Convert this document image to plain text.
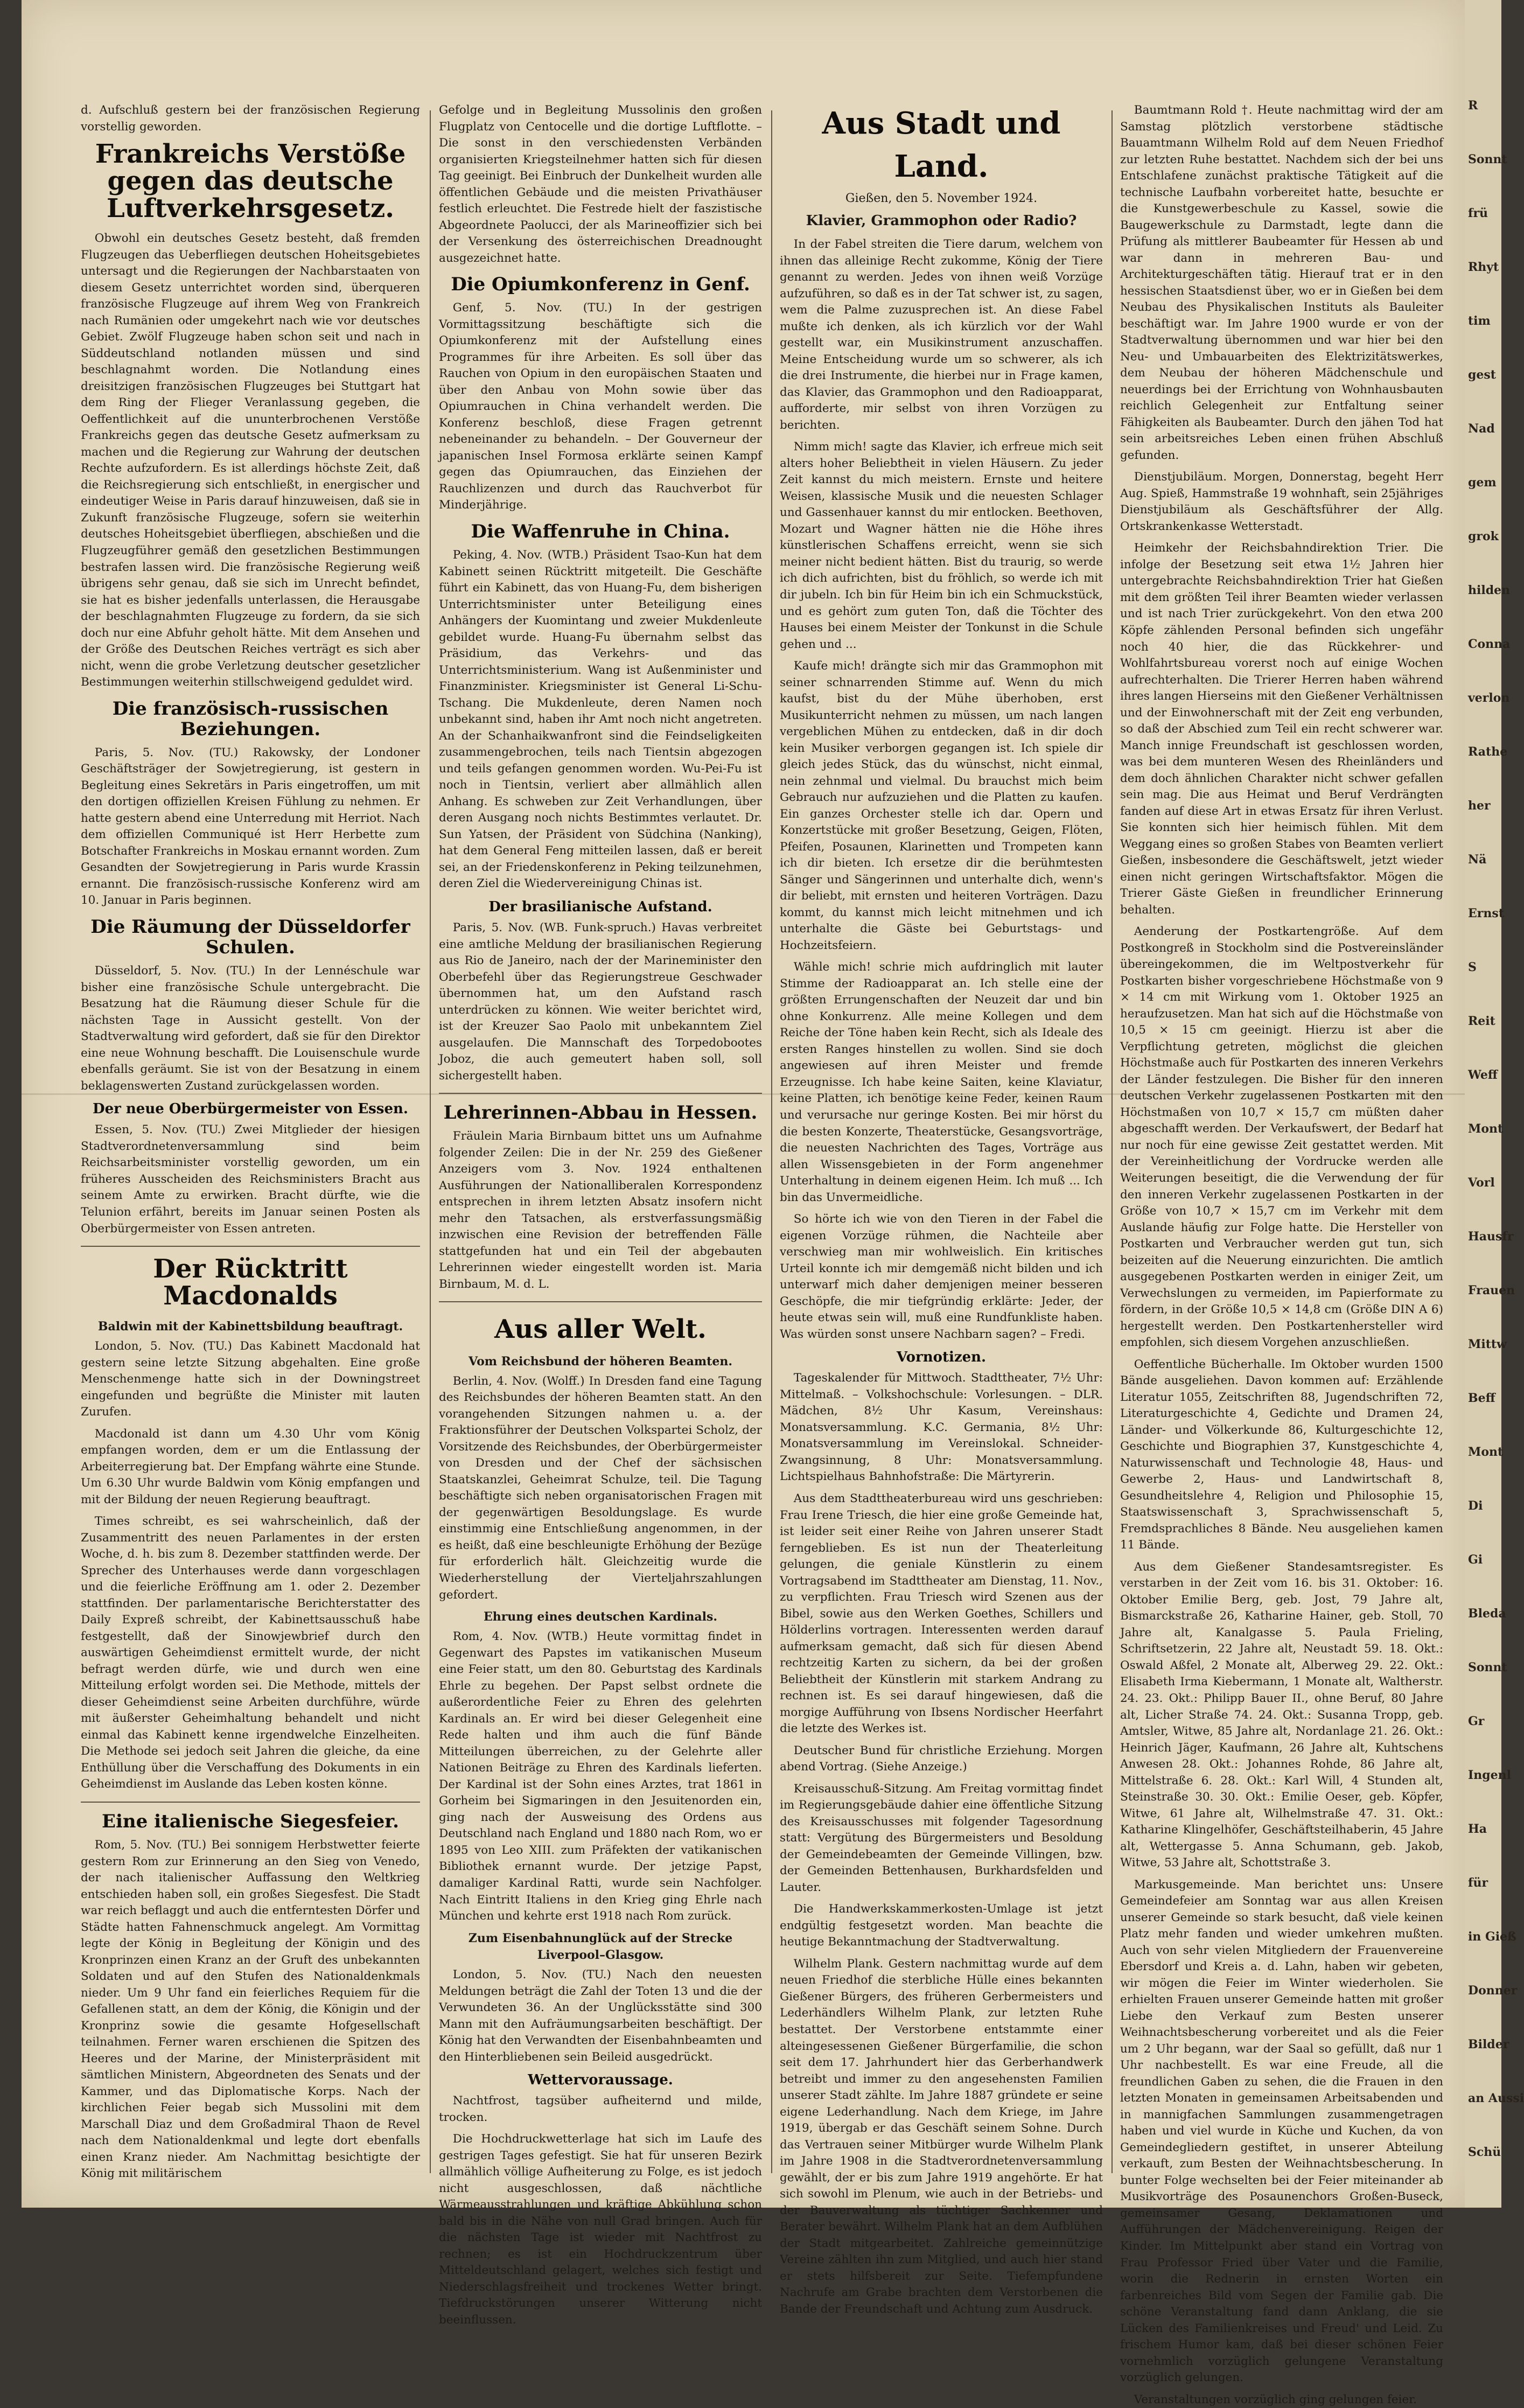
d. Aufschluß gestern bei der französischen Regierung vorstellig geworden.

Frankreichs Verstöße gegen das deutsche Luftverkehrsgesetz.

Obwohl ein deutsches Gesetz besteht, daß fremden Flugzeugen das Ueberfliegen deutschen Hoheitsgebietes untersagt und die Regierungen der Nachbarstaaten von diesem Gesetz unterrichtet worden sind, überqueren französische Flugzeuge auf ihrem Weg von Frankreich nach Rumänien oder umgekehrt nach wie vor deutsches Gebiet. Zwölf Flugzeuge haben schon seit und nach in Süddeutschland notlanden müssen und sind beschlagnahmt worden. Die Notlandung eines dreisitzigen französischen Flugzeuges bei Stuttgart hat dem Ring der Flieger Veranlassung gegeben, die Oeffentlichkeit auf die ununterbrochenen Verstöße Frankreichs gegen das deutsche Gesetz aufmerksam zu machen und die Regierung zur Wahrung der deutschen Rechte aufzufordern. Es ist allerdings höchste Zeit, daß die Reichsregierung sich entschließt, in energischer und eindeutiger Weise in Paris darauf hinzuweisen, daß sie in Zukunft französische Flugzeuge, sofern sie weiterhin deutsches Hoheitsgebiet überfliegen, abschießen und die Flugzeugführer gemäß den gesetzlichen Bestimmungen bestrafen lassen wird. Die französische Regierung weiß übrigens sehr genau, daß sie sich im Unrecht befindet, sie hat es bisher jedenfalls unterlassen, die Herausgabe der beschlagnahmten Flugzeuge zu fordern, da sie sich doch nur eine Abfuhr geholt hätte. Mit dem Ansehen und der Größe des Deutschen Reiches verträgt es sich aber nicht, wenn die grobe Verletzung deutscher gesetzlicher Bestimmungen weiterhin stillschweigend geduldet wird.

Die französisch-russischen Beziehungen.

Paris, 5. Nov. (TU.) Rakowsky, der Londoner Geschäftsträger der Sowjetregierung, ist gestern in Begleitung eines Sekretärs in Paris eingetroffen, um mit den dortigen offiziellen Kreisen Fühlung zu nehmen. Er hatte gestern abend eine Unterredung mit Herriot. Nach dem offiziellen Communiqué ist Herr Herbette zum Botschafter Frankreichs in Moskau ernannt worden. Zum Gesandten der Sowjetregierung in Paris wurde Krassin ernannt. Die französisch-russische Konferenz wird am 10. Januar in Paris beginnen.

Die Räumung der Düsseldorfer Schulen.

Düsseldorf, 5. Nov. (TU.) In der Lennéschule war bisher eine französische Schule untergebracht. Die Besatzung hat die Räumung dieser Schule für die nächsten Tage in Aussicht gestellt. Von der Stadtverwaltung wird gefordert, daß sie für den Direktor eine neue Wohnung beschafft. Die Louisenschule wurde ebenfalls geräumt. Sie ist von der Besatzung in einem beklagenswerten Zustand zurückgelassen worden.

Der neue Oberbürgermeister von Essen.

Essen, 5. Nov. (TU.) Zwei Mitglieder der hiesigen Stadtverordnetenversammlung sind beim Reichsarbeitsminister vorstellig geworden, um ein früheres Ausscheiden des Reichsministers Bracht aus seinem Amte zu erwirken. Bracht dürfte, wie die Telunion erfährt, bereits im Januar seinen Posten als Oberbürgermeister von Essen antreten.

Der Rücktritt Macdonalds
Baldwin mit der Kabinettsbildung beauftragt.

London, 5. Nov. (TU.) Das Kabinett Macdonald hat gestern seine letzte Sitzung abgehalten. Eine große Menschenmenge hatte sich in der Downingstreet eingefunden und begrüßte die Minister mit lauten Zurufen.

Macdonald ist dann um 4.30 Uhr vom König empfangen worden, dem er um die Entlassung der Arbeiterregierung bat. Der Empfang währte eine Stunde. Um 6.30 Uhr wurde Baldwin vom König empfangen und mit der Bildung der neuen Regierung beauftragt.

Times schreibt, es sei wahrscheinlich, daß der Zusammentritt des neuen Parlamentes in der ersten Woche, d. h. bis zum 8. Dezember stattfinden werde. Der Sprecher des Unterhauses werde dann vorgeschlagen und die feierliche Eröffnung am 1. oder 2. Dezember stattfinden. Der parlamentarische Berichterstatter des Daily Expreß schreibt, der Kabinettsausschuß habe festgestellt, daß der Sinowjewbrief durch den auswärtigen Geheimdienst ermittelt wurde, der nicht befragt werden dürfe, wie und durch wen eine Mitteilung erfolgt worden sei. Die Methode, mittels der dieser Geheimdienst seine Arbeiten durchführe, würde mit äußerster Geheimhaltung behandelt und nicht einmal das Kabinett kenne irgendwelche Einzelheiten. Die Methode sei jedoch seit Jahren die gleiche, da eine Enthüllung über die Verschaffung des Dokuments in ein Geheimdienst im Auslande das Leben kosten könne.

Eine italienische Siegesfeier.

Rom, 5. Nov. (TU.) Bei sonnigem Herbstwetter feierte gestern Rom zur Erinnerung an den Sieg von Venedo, der nach italienischer Auffassung den Weltkrieg entschieden haben soll, ein großes Siegesfest. Die Stadt war reich beflaggt und auch die entferntesten Dörfer und Städte hatten Fahnenschmuck angelegt. Am Vormittag legte der König in Begleitung der Königin und des Kronprinzen einen Kranz an der Gruft des unbekannten Soldaten und auf den Stufen des Nationaldenkmals nieder. Um 9 Uhr fand ein feierliches Requiem für die Gefallenen statt, an dem der König, die Königin und der Kronprinz sowie die gesamte Hofgesellschaft teilnahmen. Ferner waren erschienen die Spitzen des Heeres und der Marine, der Ministerpräsident mit sämtlichen Ministern, Abgeordneten des Senats und der Kammer, und das Diplomatische Korps. Nach der kirchlichen Feier begab sich Mussolini mit dem Marschall Diaz und dem Großadmiral Thaon de Revel nach dem Nationaldenkmal und legte dort ebenfalls einen Kranz nieder. Am Nachmittag besichtigte der König mit militärischem

Gefolge und in Begleitung Mussolinis den großen Flugplatz von Centocelle und die dortige Luftflotte. – Die sonst in den verschiedensten Verbänden organisierten Kriegsteilnehmer hatten sich für diesen Tag geeinigt. Bei Einbruch der Dunkelheit wurden alle öffentlichen Gebäude und die meisten Privathäuser festlich erleuchtet. Die Festrede hielt der faszistische Abgeordnete Paolucci, der als Marineoffizier sich bei der Versenkung des österreichischen Dreadnought ausgezeichnet hatte.

Die Opiumkonferenz in Genf.

Genf, 5. Nov. (TU.) In der gestrigen Vormittagssitzung beschäftigte sich die Opiumkonferenz mit der Aufstellung eines Programmes für ihre Arbeiten. Es soll über das Rauchen von Opium in den europäischen Staaten und über den Anbau von Mohn sowie über das Opiumrauchen in China verhandelt werden. Die Konferenz beschloß, diese Fragen getrennt nebeneinander zu behandeln. – Der Gouverneur der japanischen Insel Formosa erklärte seinen Kampf gegen das Opiumrauchen, das Einziehen der Rauchlizenzen und durch das Rauchverbot für Minderjährige.

Die Waffenruhe in China.

Peking, 4. Nov. (WTB.) Präsident Tsao-Kun hat dem Kabinett seinen Rücktritt mitgeteilt. Die Geschäfte führt ein Kabinett, das von Huang-Fu, dem bisherigen Unterrichtsminister unter Beteiligung eines Anhängers der Kuomintang und zweier Mukdenleute gebildet wurde. Huang-Fu übernahm selbst das Präsidium, das Verkehrs- und das Unterrichtsministerium. Wang ist Außenminister und Finanzminister. Kriegsminister ist General Li-Schu-Tschang. Die Mukdenleute, deren Namen noch unbekannt sind, haben ihr Amt noch nicht angetreten. An der Schanhaikwanfront sind die Feindseligkeiten zusammengebrochen, teils nach Tientsin abgezogen und teils gefangen genommen worden. Wu-Pei-Fu ist noch in Tientsin, verliert aber allmählich allen Anhang. Es schweben zur Zeit Verhandlungen, über deren Ausgang noch nichts Bestimmtes verlautet. Dr. Sun Yatsen, der Präsident von Südchina (Nanking), hat dem General Feng mitteilen lassen, daß er bereit sei, an der Friedenskonferenz in Peking teilzunehmen, deren Ziel die Wiedervereinigung Chinas ist.

Der brasilianische Aufstand.

Paris, 5. Nov. (WB. Funk-spruch.) Havas verbreitet eine amtliche Meldung der brasilianischen Regierung aus Rio de Janeiro, nach der der Marineminister den Oberbefehl über das Regierungstreue Geschwader übernommen hat, um den Aufstand rasch unterdrücken zu können. Wie weiter berichtet wird, ist der Kreuzer Sao Paolo mit unbekanntem Ziel ausgelaufen. Die Mannschaft des Torpedobootes Joboz, die auch gemeutert haben soll, soll sichergestellt haben.

Lehrerinnen-Abbau in Hessen.

Fräulein Maria Birnbaum bittet uns um Aufnahme folgender Zeilen: Die in der Nr. 259 des Gießener Anzeigers vom 3. Nov. 1924 enthaltenen Ausführungen der Nationalliberalen Korrespondenz entsprechen in ihrem letzten Absatz insofern nicht mehr den Tatsachen, als erstverfassungsmäßig inzwischen eine Revision der betreffenden Fälle stattgefunden hat und ein Teil der abgebauten Lehrerinnen wieder eingestellt worden ist. Maria Birnbaum, M. d. L.

Aus aller Welt.
Vom Reichsbund der höheren Beamten.

Berlin, 4. Nov. (Wolff.) In Dresden fand eine Tagung des Reichsbundes der höheren Beamten statt. An den vorangehenden Sitzungen nahmen u. a. der Fraktionsführer der Deutschen Volkspartei Scholz, der Vorsitzende des Reichsbundes, der Oberbürgermeister von Dresden und der Chef der sächsischen Staatskanzlei, Geheimrat Schulze, teil. Die Tagung beschäftigte sich neben organisatorischen Fragen mit der gegenwärtigen Besoldungslage. Es wurde einstimmig eine Entschließung angenommen, in der es heißt, daß eine beschleunigte Erhöhung der Bezüge für erforderlich hält. Gleichzeitig wurde die Wiederherstellung der Vierteljahrszahlungen gefordert.

Ehrung eines deutschen Kardinals.

Rom, 4. Nov. (WTB.) Heute vormittag findet in Gegenwart des Papstes im vatikanischen Museum eine Feier statt, um den 80. Geburtstag des Kardinals Ehrle zu begehen. Der Papst selbst ordnete die außerordentliche Feier zu Ehren des gelehrten Kardinals an. Er wird bei dieser Gelegenheit eine Rede halten und ihm auch die fünf Bände Mitteilungen überreichen, zu der Gelehrte aller Nationen Beiträge zu Ehren des Kardinals lieferten. Der Kardinal ist der Sohn eines Arztes, trat 1861 in Gorheim bei Sigmaringen in den Jesuitenorden ein, ging nach der Ausweisung des Ordens aus Deutschland nach England und 1880 nach Rom, wo er 1895 von Leo XIII. zum Präfekten der vatikanischen Bibliothek ernannt wurde. Der jetzige Papst, damaliger Kardinal Ratti, wurde sein Nachfolger. Nach Eintritt Italiens in den Krieg ging Ehrle nach München und kehrte erst 1918 nach Rom zurück.

Zum Eisenbahnunglück auf der Strecke Liverpool–Glasgow.

London, 5. Nov. (TU.) Nach den neuesten Meldungen beträgt die Zahl der Toten 13 und die der Verwundeten 36. An der Unglücksstätte sind 300 Mann mit den Aufräumungsarbeiten beschäftigt. Der König hat den Verwandten der Eisenbahnbeamten und den Hinterbliebenen sein Beileid ausgedrückt.

Wettervoraussage.

Nachtfrost, tagsüber aufheiternd und milde, trocken.

Die Hochdruckwetterlage hat sich im Laufe des gestrigen Tages gefestigt. Sie hat für unseren Bezirk allmählich völlige Aufheiterung zu Folge, es ist jedoch nicht ausgeschlossen, daß nächtliche Wärmeausstrahlungen und kräftige Abkühlung schon bald bis in die Nähe von null Grad bringen. Auch für die nächsten Tage ist wieder mit Nachtfrost zu rechnen; es ist ein Hochdruckzentrum über Mitteldeutschland gelagert, welches sich festigt und Niederschlagsfreiheit und trockenes Wetter bringt. Tiefdruckstörungen unserer Witterung nicht beeinflussen.

Aus Stadt und Land.
Gießen, den 5. November 1924.
Klavier, Grammophon oder Radio?

In der Fabel streiten die Tiere darum, welchem von ihnen das alleinige Recht zukomme, König der Tiere genannt zu werden. Jedes von ihnen weiß Vorzüge aufzuführen, so daß es in der Tat schwer ist, zu sagen, wem die Palme zuzusprechen ist. An diese Fabel mußte ich denken, als ich kürzlich vor der Wahl gestellt war, ein Musikinstrument anzuschaffen. Meine Entscheidung wurde um so schwerer, als ich die drei Instrumente, die hierbei nur in Frage kamen, das Klavier, das Grammophon und den Radioapparat, aufforderte, mir selbst von ihren Vorzügen zu berichten.

Nimm mich! sagte das Klavier, ich erfreue mich seit alters hoher Beliebtheit in vielen Häusern. Zu jeder Zeit kannst du mich meistern. Ernste und heitere Weisen, klassische Musik und die neuesten Schlager und Gassenhauer kannst du mir entlocken. Beethoven, Mozart und Wagner hätten nie die Höhe ihres künstlerischen Schaffens erreicht, wenn sie sich meiner nicht bedient hätten. Bist du traurig, so werde ich dich aufrichten, bist du fröhlich, so werde ich mit dir jubeln. Ich bin für Heim bin ich ein Schmuckstück, und es gehört zum guten Ton, daß die Töchter des Hauses bei einem Meister der Tonkunst in die Schule gehen und ...

Kaufe mich! drängte sich mir das Grammophon mit seiner schnarrenden Stimme auf. Wenn du mich kaufst, bist du der Mühe überhoben, erst Musikunterricht nehmen zu müssen, um nach langen vergeblichen Mühen zu entdecken, daß in dir doch kein Musiker verborgen gegangen ist. Ich spiele dir gleich jedes Stück, das du wünschst, nicht einmal, nein zehnmal und vielmal. Du brauchst mich beim Gebrauch nur aufzuziehen und die Platten zu kaufen. Ein ganzes Orchester stelle ich dar. Opern und Konzertstücke mit großer Besetzung, Geigen, Flöten, Pfeifen, Posaunen, Klarinetten und Trompeten kann ich dir bieten. Ich ersetze dir die berühmtesten Sänger und Sängerinnen und unterhalte dich, wenn's dir beliebt, mit ernsten und heiteren Vorträgen. Dazu kommt, du kannst mich leicht mitnehmen und ich unterhalte die Gäste bei Geburtstags- und Hochzeitsfeiern.

Wähle mich! schrie mich aufdringlich mit lauter Stimme der Radioapparat an. Ich stelle eine der größten Errungenschaften der Neuzeit dar und bin ohne Konkurrenz. Alle meine Kollegen und dem Reiche der Töne haben kein Recht, sich als Ideale des ersten Ranges hinstellen zu wollen. Sind sie doch angewiesen auf ihren Meister und fremde Erzeugnisse. Ich habe keine Saiten, keine Klaviatur, keine Platten, ich benötige keine Feder, keinen Raum und verursache nur geringe Kosten. Bei mir hörst du die besten Konzerte, Theaterstücke, Gesangsvorträge, die neuesten Nachrichten des Tages, Vorträge aus allen Wissensgebieten in der Form angenehmer Unterhaltung in deinem eigenen Heim. Ich muß ... Ich bin das Unvermeidliche.

So hörte ich wie von den Tieren in der Fabel die eigenen Vorzüge rühmen, die Nachteile aber verschwieg man mir wohlweislich. Ein kritisches Urteil konnte ich mir demgemäß nicht bilden und ich unterwarf mich daher demjenigen meiner besseren Geschöpfe, die mir tiefgründig erklärte: Jeder, der heute etwas sein will, muß eine Rundfunkliste haben. Was würden sonst unsere Nachbarn sagen? – Fredi.

Vornotizen.

Tageskalender für Mittwoch. Stadttheater, 7½ Uhr: Mittelmaß. – Volkshochschule: Vorlesungen. – DLR. Mädchen, 8½ Uhr Kasum, Vereinshaus: Monatsversammlung. K.C. Germania, 8½ Uhr: Monatsversammlung im Vereinslokal. Schneider-Zwangsinnung, 8 Uhr: Monatsversammlung. Lichtspielhaus Bahnhofstraße: Die Märtyrerin.

Aus dem Stadttheaterbureau wird uns geschrieben: Frau Irene Triesch, die hier eine große Gemeinde hat, ist leider seit einer Reihe von Jahren unserer Stadt ferngeblieben. Es ist nun der Theaterleitung gelungen, die geniale Künstlerin zu einem Vortragsabend im Stadttheater am Dienstag, 11. Nov., zu verpflichten. Frau Triesch wird Szenen aus der Bibel, sowie aus den Werken Goethes, Schillers und Hölderlins vortragen. Interessenten werden darauf aufmerksam gemacht, daß sich für diesen Abend rechtzeitig Karten zu sichern, da bei der großen Beliebtheit der Künstlerin mit starkem Andrang zu rechnen ist. Es sei darauf hingewiesen, daß die morgige Aufführung von Ibsens Nordischer Heerfahrt die letzte des Werkes ist.

Deutscher Bund für christliche Erziehung. Morgen abend Vortrag. (Siehe Anzeige.)

Kreisausschuß-Sitzung. Am Freitag vormittag findet im Regierungsgebäude dahier eine öffentliche Sitzung des Kreisausschusses mit folgender Tagesordnung statt: Vergütung des Bürgermeisters und Besoldung der Gemeindebeamten der Gemeinde Villingen, bzw. der Gemeinden Bettenhausen, Burkhardsfelden und Lauter.

Die Handwerkskammerkosten-Umlage ist jetzt endgültig festgesetzt worden. Man beachte die heutige Bekanntmachung der Stadtverwaltung.

Wilhelm Plank. Gestern nachmittag wurde auf dem neuen Friedhof die sterbliche Hülle eines bekannten Gießener Bürgers, des früheren Gerbermeisters und Lederhändlers Wilhelm Plank, zur letzten Ruhe bestattet. Der Verstorbene entstammte einer alteingesessenen Gießener Bürgerfamilie, die schon seit dem 17. Jahrhundert hier das Gerberhandwerk betreibt und immer zu den angesehensten Familien unserer Stadt zählte. Im Jahre 1887 gründete er seine eigene Lederhandlung. Nach dem Kriege, im Jahre 1919, übergab er das Geschäft seinem Sohne. Durch das Vertrauen seiner Mitbürger wurde Wilhelm Plank im Jahre 1908 in die Stadtverordnetenversammlung gewählt, der er bis zum Jahre 1919 angehörte. Er hat sich sowohl im Plenum, wie auch in der Betriebs- und der Bauverwaltung als tüchtiger Sachkenner und Berater bewährt. Wilhelm Plank hat an dem Aufblühen der Stadt mitgearbeitet. Zahlreiche gemeinnützige Vereine zählten ihn zum Mitglied, und auch hier stand er stets hilfsbereit zur Seite. Tiefempfundene Nachrufe am Grabe brachten dem Verstorbenen die Bande der Freundschaft und Achtung zum Ausdruck.

Baumtmann Rold †. Heute nachmittag wird der am Samstag plötzlich verstorbene städtische Bauamtmann Wilhelm Rold auf dem Neuen Friedhof zur letzten Ruhe bestattet. Nachdem sich der bei uns Entschlafene zunächst praktische Tätigkeit auf die technische Laufbahn vorbereitet hatte, besuchte er die Kunstgewerbeschule zu Kassel, sowie die Baugewerkschule zu Darmstadt, legte dann die Prüfung als mittlerer Baubeamter für Hessen ab und war dann in mehreren Bau- und Architekturgeschäften tätig. Hierauf trat er in den hessischen Staatsdienst über, wo er in Gießen bei dem Neubau des Physikalischen Instituts als Bauleiter beschäftigt war. Im Jahre 1900 wurde er von der Stadtverwaltung übernommen und war hier bei den Neu- und Umbauarbeiten des Elektrizitätswerkes, dem Neubau der höheren Mädchenschule und neuerdings bei der Errichtung von Wohnhausbauten reichlich Gelegenheit zur Entfaltung seiner Fähigkeiten als Baubeamter. Durch den jähen Tod hat sein arbeitsreiches Leben einen frühen Abschluß gefunden.

Dienstjubiläum. Morgen, Donnerstag, begeht Herr Aug. Spieß, Hammstraße 19 wohnhaft, sein 25jähriges Dienstjubiläum als Geschäftsführer der Allg. Ortskrankenkasse Wetterstadt.

Heimkehr der Reichsbahndirektion Trier. Die infolge der Besetzung seit etwa 1½ Jahren hier untergebrachte Reichsbahndirektion Trier hat Gießen mit dem größten Teil ihrer Beamten wieder verlassen und ist nach Trier zurückgekehrt. Von den etwa 200 Köpfe zählenden Personal befinden sich ungefähr noch 40 hier, die das Rückkehrer- und Wohlfahrtsbureau vorerst noch auf einige Wochen aufrechterhalten. Die Trierer Herren haben während ihres langen Hierseins mit den Gießener Verhältnissen und der Einwohnerschaft mit der Zeit eng verbunden, so daß der Abschied zum Teil ein recht schwerer war. Manch innige Freundschaft ist geschlossen worden, was bei dem munteren Wesen des Rheinländers und dem doch ähnlichen Charakter nicht schwer gefallen sein mag. Die aus Heimat und Beruf Verdrängten fanden auf diese Art in etwas Ersatz für ihren Verlust. Sie konnten sich hier heimisch fühlen. Mit dem Weggang eines so großen Stabes von Beamten verliert Gießen, insbesondere die Geschäftswelt, jetzt wieder einen nicht geringen Wirtschaftsfaktor. Mögen die Trierer Gäste Gießen in freundlicher Erinnerung behalten.

Aenderung der Postkartengröße. Auf dem Postkongreß in Stockholm sind die Postvereinsländer übereingekommen, die im Weltpostverkehr für Postkarten bisher vorgeschriebene Höchstmaße von 9 × 14 cm mit Wirkung vom 1. Oktober 1925 an heraufzusetzen. Man hat sich auf die Höchstmaße von 10,5 × 15 cm geeinigt. Hierzu ist aber die Verpflichtung getreten, möglichst die gleichen Höchstmaße auch für Postkarten des inneren Verkehrs der Länder festzulegen. Die Bisher für den inneren deutschen Verkehr zugelassenen Postkarten mit den Höchstmaßen von 10,7 × 15,7 cm müßten daher abgeschafft werden. Der Verkaufswert, der Bedarf hat nur noch für eine gewisse Zeit gestattet werden. Mit der Vereinheitlichung der Vordrucke werden alle Weiterungen beseitigt, die die Verwendung der für den inneren Verkehr zugelassenen Postkarten in der Größe von 10,7 × 15,7 cm im Verkehr mit dem Auslande häufig zur Folge hatte. Die Hersteller von Postkarten und Verbraucher werden gut tun, sich beizeiten auf die Neuerung einzurichten. Die amtlich ausgegebenen Postkarten werden in einiger Zeit, um Verwechslungen zu vermeiden, im Papierformate zu fördern, in der Größe 10,5 × 14,8 cm (Größe DIN A 6) hergestellt werden. Den Postkartenhersteller wird empfohlen, sich diesem Vorgehen anzuschließen.

Oeffentliche Bücherhalle. Im Oktober wurden 1500 Bände ausgeliehen. Davon kommen auf: Erzählende Literatur 1055, Zeitschriften 88, Jugendschriften 72, Literaturgeschichte 4, Gedichte und Dramen 24, Länder- und Völkerkunde 86, Kulturgeschichte 12, Geschichte und Biographien 37, Kunstgeschichte 4, Naturwissenschaft und Technologie 48, Haus- und Gewerbe 2, Haus- und Landwirtschaft 8, Gesundheitslehre 4, Religion und Philosophie 15, Staatswissenschaft 3, Sprachwissenschaft 5, Fremdsprachliches 8 Bände. Neu ausgeliehen kamen 11 Bände.

Aus dem Gießener Standesamtsregister. Es verstarben in der Zeit vom 16. bis 31. Oktober: 16. Oktober Emilie Berg, geb. Jost, 79 Jahre alt, Bismarckstraße 26, Katharine Hainer, geb. Stoll, 70 Jahre alt, Kanalgasse 5. Paula Frieling, Schriftsetzerin, 22 Jahre alt, Neustadt 59. 18. Okt.: Oswald Aßfel, 2 Monate alt, Alberweg 29. 22. Okt.: Elisabeth Irma Kiebermann, 1 Monate alt, Waltherstr. 24. 23. Okt.: Philipp Bauer II., ohne Beruf, 80 Jahre alt, Licher Straße 74. 24. Okt.: Susanna Tropp, geb. Amtsler, Witwe, 85 Jahre alt, Nordanlage 21. 26. Okt.: Heinrich Jäger, Kaufmann, 26 Jahre alt, Kuhtschens Anwesen 28. Okt.: Johannes Rohde, 86 Jahre alt, Mittelstraße 6. 28. Okt.: Karl Will, 4 Stunden alt, Steinstraße 30. 30. Okt.: Emilie Oeser, geb. Köpfer, Witwe, 61 Jahre alt, Wilhelmstraße 47. 31. Okt.: Katharine Klingelhöfer, Geschäftsteilhaberin, 45 Jahre alt, Wettergasse 5. Anna Schumann, geb. Jakob, Witwe, 53 Jahre alt, Schottstraße 3.

Markusgemeinde. Man berichtet uns: Unsere Gemeindefeier am Sonntag war aus allen Kreisen unserer Gemeinde so stark besucht, daß viele keinen Platz mehr fanden und wieder umkehren mußten. Auch von sehr vielen Mitgliedern der Frauenvereine Ebersdorf und Kreis a. d. Lahn, haben wir gebeten, wir mögen die Feier im Winter wiederholen. Sie erhielten Frauen unserer Gemeinde hatten mit großer Liebe den Verkauf zum Besten unserer Weihnachtsbescherung vorbereitet und als die Feier um 2 Uhr begann, war der Saal so gefüllt, daß nur 1 Uhr nachbestellt. Es war eine Freude, all die freundlichen Gaben zu sehen, die die Frauen in den letzten Monaten in gemeinsamen Arbeitsabenden und in mannigfachen Sammlungen zusammengetragen haben und viel wurde in Küche und Kuchen, da von Gemeindegliedern gestiftet, in unserer Abteilung verkauft, zum Besten der Weihnachtsbescherung. In bunter Folge wechselten bei der Feier miteinander ab Musikvorträge des Posaunenchors Großen-Buseck, gemeinsamer Gesang, Deklamationen und Aufführungen der Mädchenvereinigung. Reigen der Kinder. Im Mittelpunkt aber stand ein Vortrag von Frau Professor Fried über Vater und die Familie, worin die Rednerin in ernsten Worten ein farbenreiches Bild vom Segen der Familie gab. Die schöne Veranstaltung fand dann Anklang, die sie Lücken des Familienkreises und Freud' und Leid. Zu frischem Humor kam, daß bei dieser schönen Feier vornehmlich vorzüglich gelungene Veranstaltung vorzüglich gelungen.

Veranstaltungen vorzüglich ging gelungen feier.

R
Sonnt
frü
Rhyt
tim
gest
Nad
gem
grok
hilden
Conna
verlon
Rathe
her
Nä
Ernst
S
Reit
Weff
Mont
Vorl
Hausfr
Frauen
Mittw
Beff
Mont
Di
Gi
Bleda
Sonnt
Gr
Ingenl
Ha
für
in Gieß
Donner
Bilder
an Aussi
Schü
